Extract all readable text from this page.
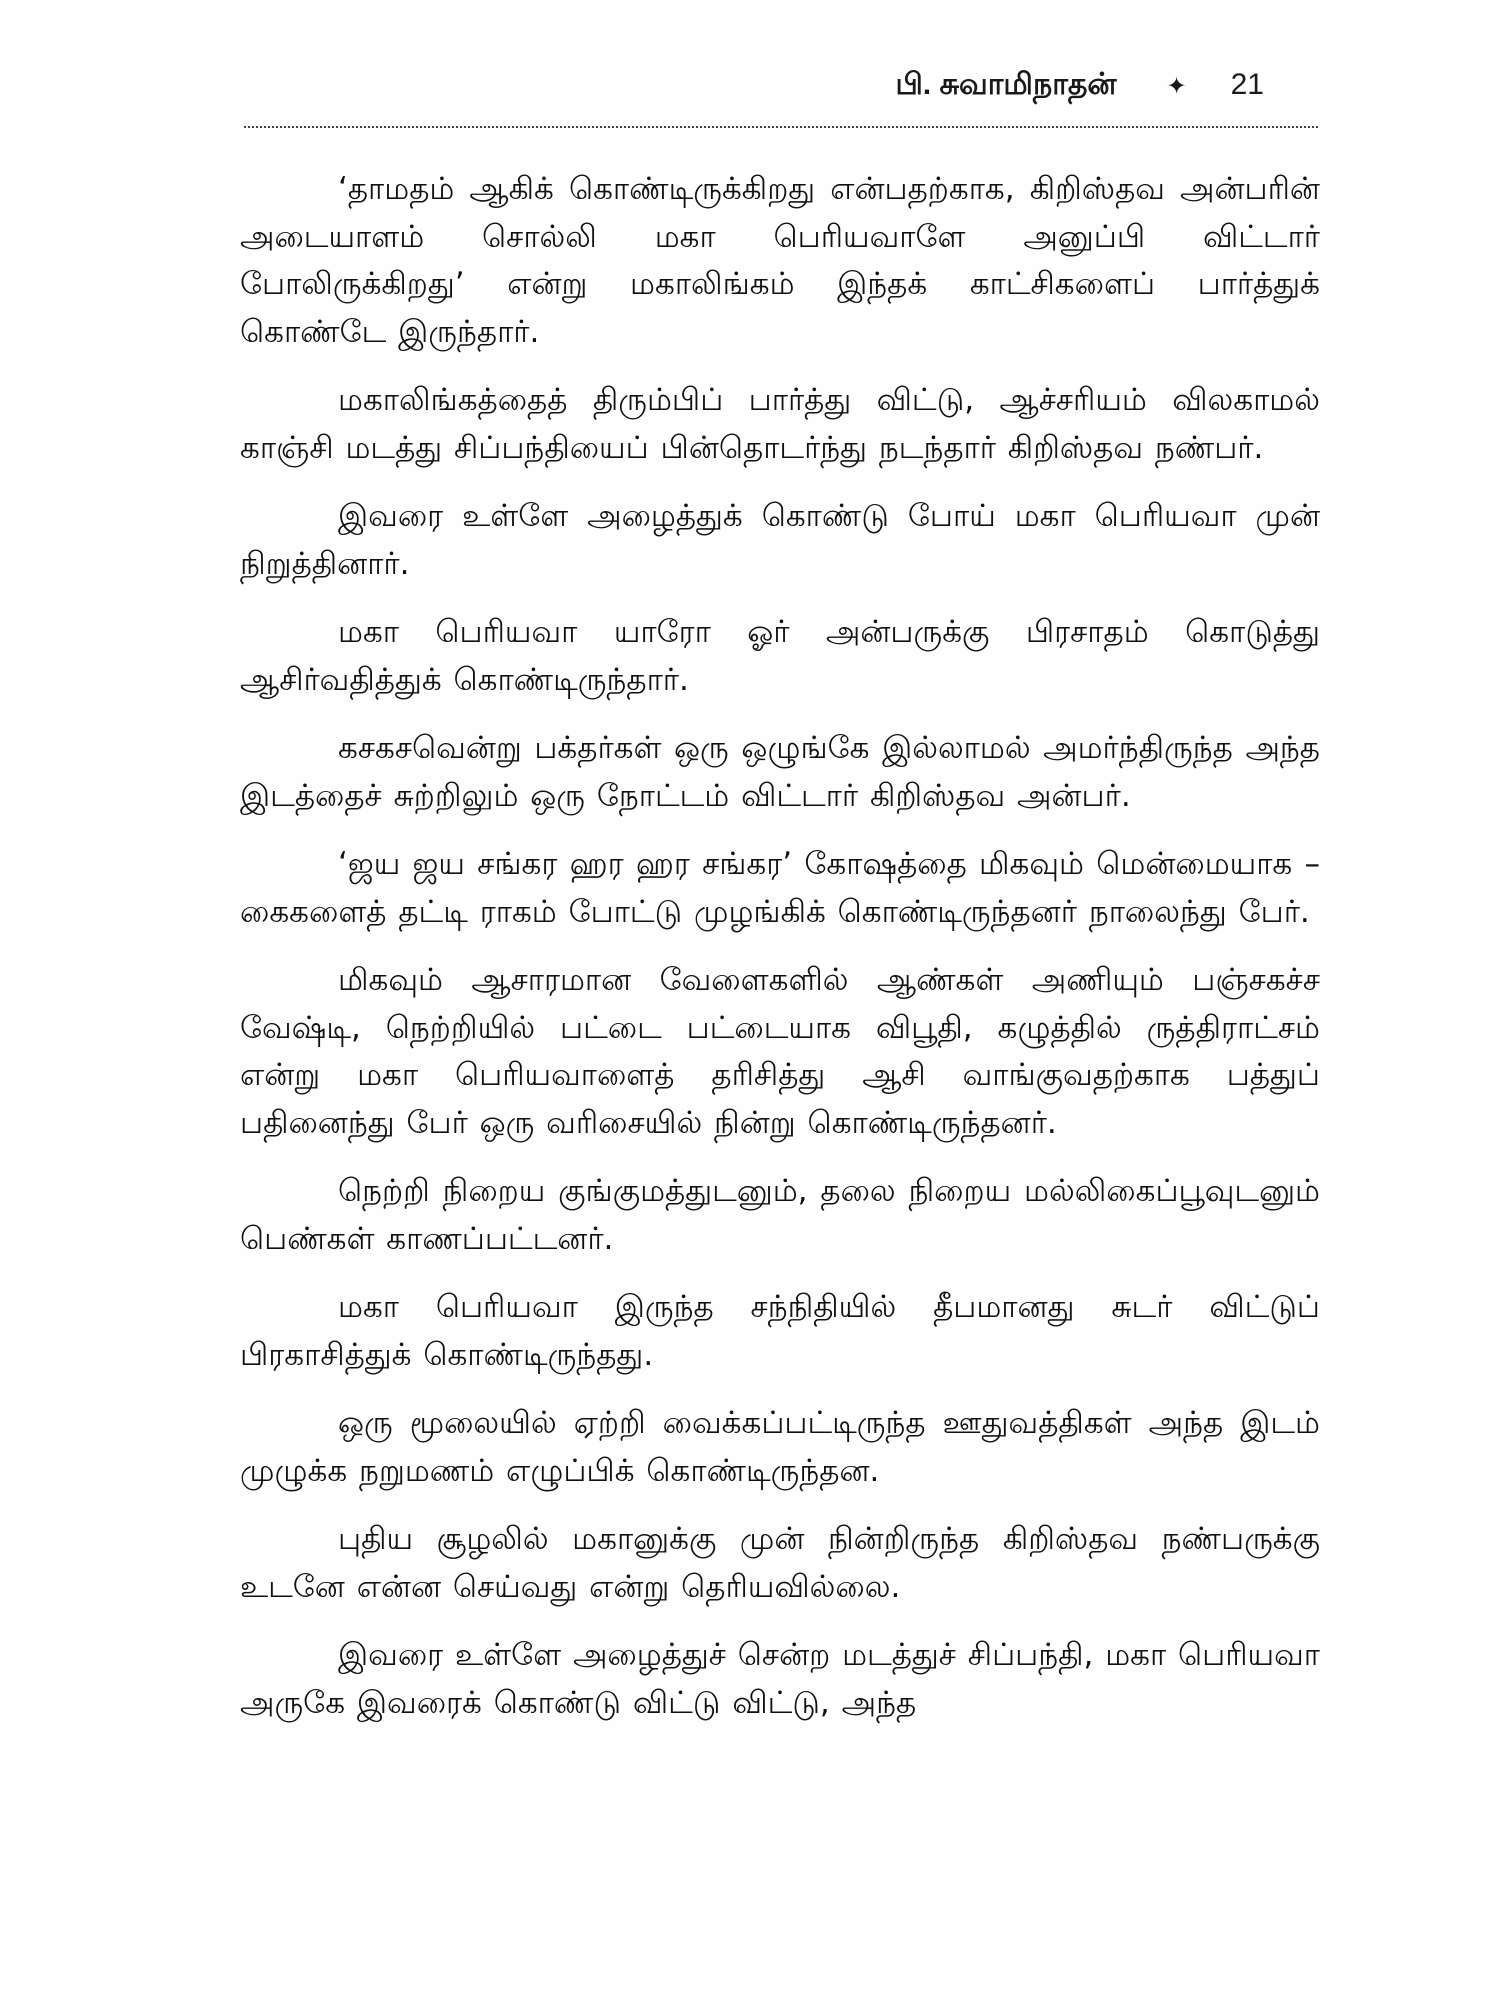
பி. சுவாமிநாதன் ✦ 21

‘தாமதம் ஆகிக் கொண்டிருக்கிறது என்பதற்காக, கிறிஸ்தவ அன்பரின் அடையாளம் சொல்லி மகா பெரியவாளே அனுப்பி விட்டார் போலிருக்கிறது’ என்று மகாலிங்கம் இந்தக் காட்சிகளைப் பார்த்துக் கொண்டே இருந்தார்.

மகாலிங்கத்தைத் திரும்பிப் பார்த்து விட்டு, ஆச்சரியம் விலகாமல் காஞ்சி மடத்து சிப்பந்தியைப் பின்தொடர்ந்து நடந்தார் கிறிஸ்தவ நண்பர்.

இவரை உள்ளே அழைத்துக் கொண்டு போய் மகா பெரியவா முன் நிறுத்தினார்.

மகா பெரியவா யாரோ ஓர் அன்பருக்கு பிரசாதம் கொடுத்து ஆசிர்வதித்துக் கொண்டிருந்தார்.

கசகசவென்று பக்தர்கள் ஒரு ஒழுங்கே இல்லாமல் அமர்ந்திருந்த அந்த இடத்தைச் சுற்றிலும் ஒரு நோட்டம் விட்டார் கிறிஸ்தவ அன்பர்.

‘ஜய ஜய சங்கர ஹர ஹர சங்கர’ கோஷத்தை மிகவும் மென்மையாக – கைகளைத் தட்டி ராகம் போட்டு முழங்கிக் கொண்டிருந்தனர் நாலைந்து பேர்.

மிகவும் ஆசாரமான வேளைகளில் ஆண்கள் அணியும் பஞ்சகச்ச வேஷ்டி, நெற்றியில் பட்டை பட்டையாக விபூதி, கழுத்தில் ருத்திராட்சம் என்று மகா பெரியவாளைத் தரிசித்து ஆசி வாங்குவதற்காக பத்துப் பதினைந்து பேர் ஒரு வரிசையில் நின்று கொண்டிருந்தனர்.

நெற்றி நிறைய குங்குமத்துடனும், தலை நிறைய மல்லிகைப்பூவுடனும் பெண்கள் காணப்பட்டனர்.

மகா பெரியவா இருந்த சந்நிதியில் தீபமானது சுடர் விட்டுப் பிரகாசித்துக் கொண்டிருந்தது.

ஒரு மூலையில் ஏற்றி வைக்கப்பட்டிருந்த ஊதுவத்திகள் அந்த இடம் முழுக்க நறுமணம் எழுப்பிக் கொண்டிருந்தன.

புதிய சூழலில் மகானுக்கு முன் நின்றிருந்த கிறிஸ்தவ நண்பருக்கு உடனே என்ன செய்வது என்று தெரியவில்லை.

இவரை உள்ளே அழைத்துச் சென்ற மடத்துச் சிப்பந்தி, மகா பெரியவா அருகே இவரைக் கொண்டு விட்டு விட்டு, அந்த
